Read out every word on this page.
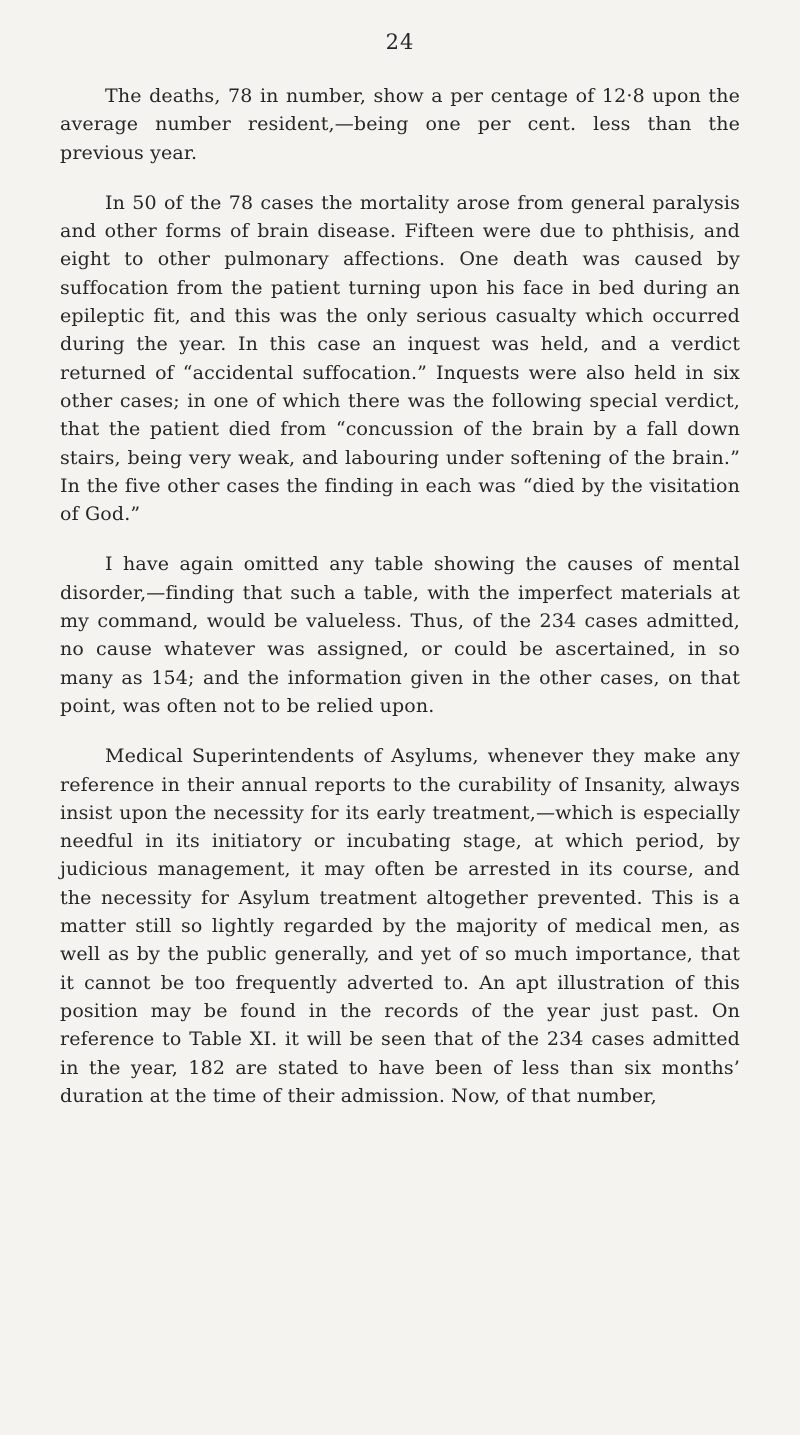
24

The deaths, 78 in number, show a per centage of 12·8 upon the average number resident,—being one per cent. less than the previous year.

In 50 of the 78 cases the mortality arose from general paralysis and other forms of brain disease. Fifteen were due to phthisis, and eight to other pulmonary affections. One death was caused by suffocation from the patient turning upon his face in bed during an epileptic fit, and this was the only serious casualty which occurred during the year. In this case an inquest was held, and a verdict returned of “accidental suffocation.” Inquests were also held in six other cases; in one of which there was the following special verdict, that the patient died from “concussion of the brain by a fall down stairs, being very weak, and labouring under softening of the brain.” In the five other cases the finding in each was “died by the visitation of God.”

I have again omitted any table showing the causes of mental disorder,—finding that such a table, with the imperfect materials at my command, would be valueless. Thus, of the 234 cases admitted, no cause whatever was assigned, or could be ascertained, in so many as 154; and the information given in the other cases, on that point, was often not to be relied upon.

Medical Superintendents of Asylums, whenever they make any reference in their annual reports to the curability of Insanity, always insist upon the necessity for its early treatment,—which is especially needful in its initiatory or incubating stage, at which period, by judicious management, it may often be arrested in its course, and the necessity for Asylum treatment altogether prevented. This is a matter still so lightly regarded by the majority of medical men, as well as by the public generally, and yet of so much importance, that it cannot be too frequently adverted to. An apt illustration of this position may be found in the records of the year just past. On reference to Table XI. it will be seen that of the 234 cases admitted in the year, 182 are stated to have been of less than six months’ duration at the time of their admission. Now, of that number,
